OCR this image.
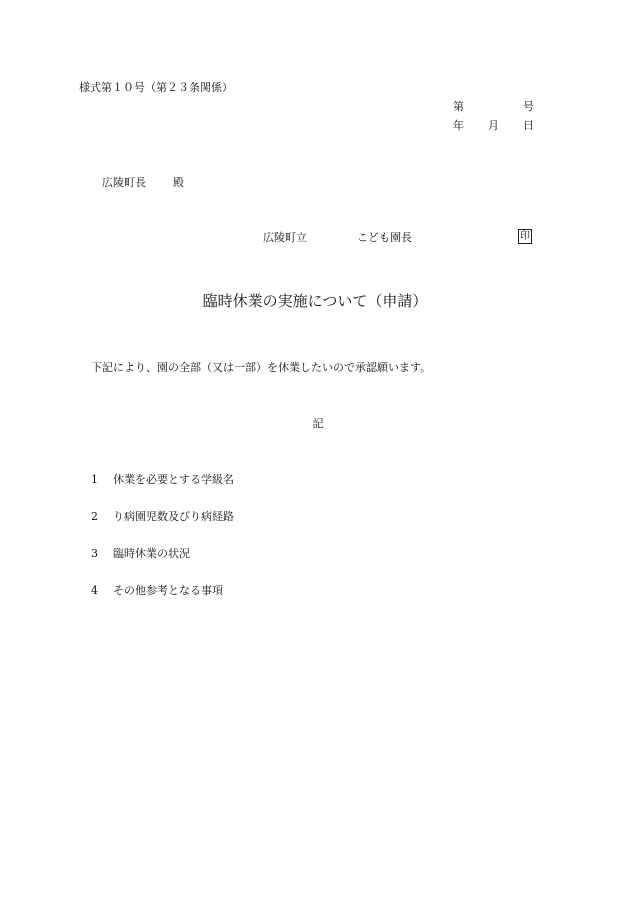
様式第１０号（第２３条関係）
第	号
年 月 日
広陵町長 殿
広陵町立	こども園長	印
臨時休業の実施について（申請）
下記により、園の全部（又は一部）を休業したいので承認願います。
記
1 休業を必要とする学級名
2 り病園児数及びり病経路
3 臨時休業の状況
4 その他参考となる事項
